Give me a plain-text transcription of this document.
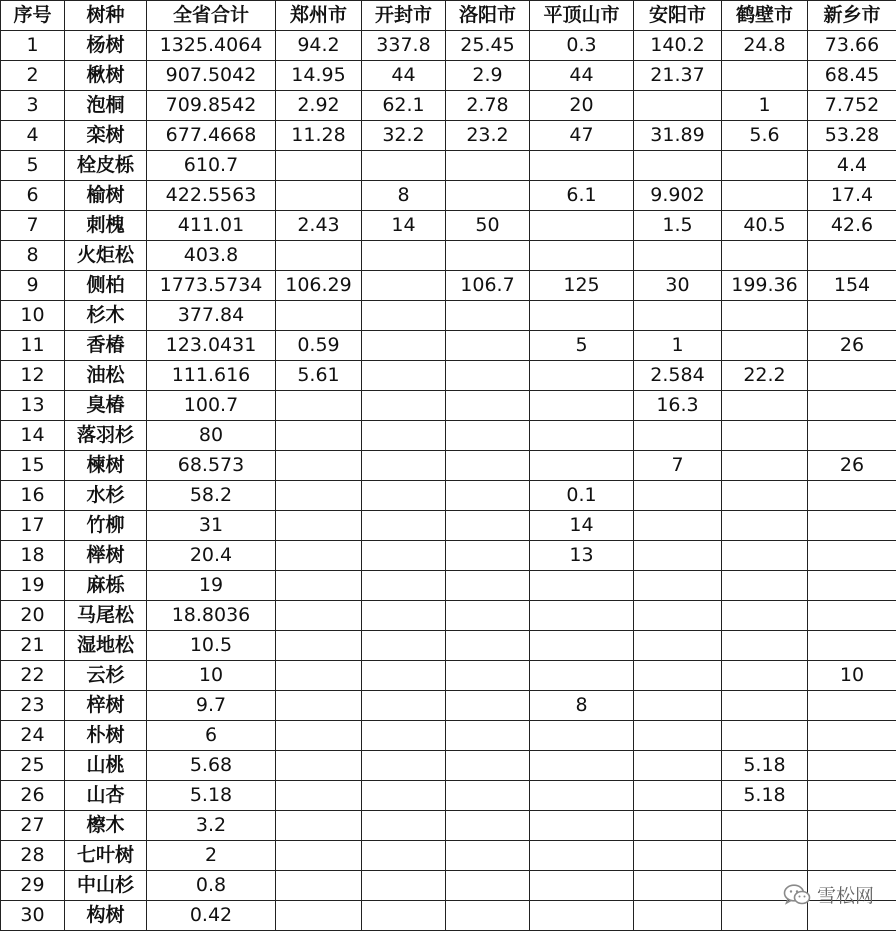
序号	树种	全省合计	郑州市	开封市	洛阳市	平顶山市	安阳市	鹤壁市	新乡市
1	杨树	1325.4064	94.2	337.8	25.45	0.3	140.2	24.8	73.66
2	楸树	907.5042	14.95	44	2.9	44	21.37		68.45
3	泡桐	709.8542	2.92	62.1	2.78	20		1	7.752
4	栾树	677.4668	11.28	32.2	23.2	47	31.89	5.6	53.28
5	栓皮栎	610.7							4.4
6	榆树	422.5563		8		6.1	9.902		17.4
7	刺槐	411.01	2.43	14	50		1.5	40.5	42.6
8	火炬松	403.8							
9	侧柏	1773.5734	106.29		106.7	125	30	199.36	154
10	杉木	377.84							
11	香椿	123.0431	0.59			5	1		26
12	油松	111.616	5.61				2.584	22.2	
13	臭椿	100.7					16.3		
14	落羽杉	80							
15	楝树	68.573					7		26
16	水杉	58.2				0.1			
17	竹柳	31				14			
18	榉树	20.4				13			
19	麻栎	19							
20	马尾松	18.8036							
21	湿地松	10.5							
22	云杉	10							10
23	梓树	9.7				8			
24	朴树	6							
25	山桃	5.68						5.18	
26	山杏	5.18						5.18	
27	檫木	3.2							
28	七叶树	2							
29	中山杉	0.8							
30	构树	0.42							
雪松网
